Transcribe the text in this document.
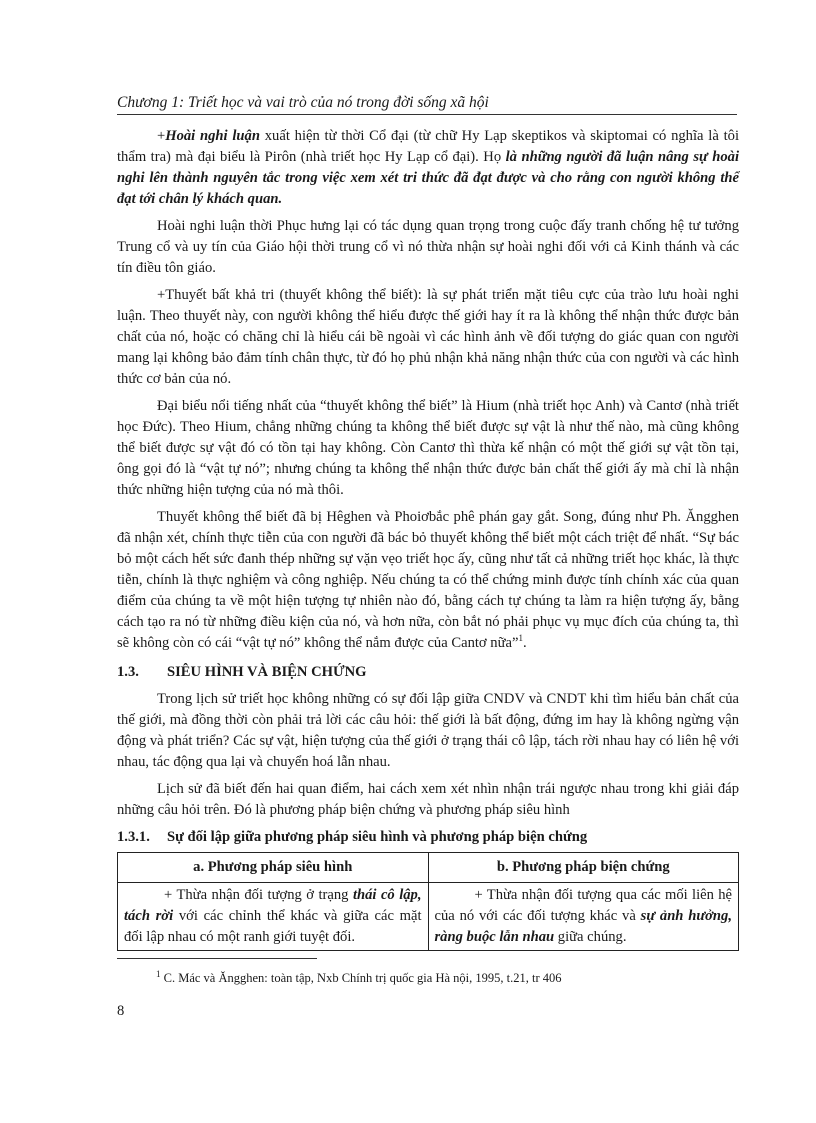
Chương 1: Triết học và vai trò của nó trong đời sống xã hội

+Hoài nghi luận xuất hiện từ thời Cổ đại (từ chữ Hy Lạp skeptikos và skiptomai có nghĩa là tôi thẩm tra) mà đại biểu là Pirôn (nhà triết học Hy Lạp cổ đại). Họ là những người đã luận nâng sự hoài nghi lên thành nguyên tắc trong việc xem xét tri thức đã đạt được và cho rằng con người không thể đạt tới chân lý khách quan.

Hoài nghi luận thời Phục hưng lại có tác dụng quan trọng trong cuộc đấy tranh chống hệ tư tưởng Trung cổ và uy tín của Giáo hội thời trung cổ vì nó thừa nhận sự hoài nghi đối với cả Kinh thánh và các tín điều tôn giáo.

+Thuyết bất khả tri (thuyết không thể biết): là sự phát triển mặt tiêu cực của trào lưu hoài nghi luận. Theo thuyết này, con người không thể hiểu được thế giới hay ít ra là không thể nhận thức được bản chất của nó, hoặc có chăng chỉ là hiểu cái bề ngoài vì các hình ảnh về đối tượng do giác quan con người mang lại không bảo đảm tính chân thực, từ đó họ phủ nhận khả năng nhận thức của con người và các hình thức cơ bản của nó.

Đại biểu nổi tiếng nhất của “thuyết không thể biết” là Hium (nhà triết học Anh) và Cantơ (nhà triết học Đức). Theo Hium, chẳng những chúng ta không thể biết được sự vật là như thế nào, mà cũng không thể biết được sự vật đó có tồn tại hay không. Còn Cantơ thì thừa kế nhận có một thế giới sự vật tồn tại, ông gọi đó là “vật tự nó”; nhưng chúng ta không thể nhận thức được bản chất thế giới ấy mà chỉ là nhận thức những hiện tượng của nó mà thôi.

Thuyết không thể biết đã bị Hêghen và Phoiơbắc phê phán gay gắt. Song, đúng như Ph. Ăngghen đã nhận xét, chính thực tiễn của con người đã bác bỏ thuyết không thể biết một cách triệt để nhất. “Sự bác bỏ một cách hết sức đanh thép những sự vặn vẹo triết học ấy, cũng như tất cả những triết học khác, là thực tiễn, chính là thực nghiệm và công nghiệp. Nếu chúng ta có thể chứng minh được tính chính xác của quan điểm của chúng ta về một hiện tượng tự nhiên nào đó, bằng cách tự chúng ta làm ra hiện tượng ấy, bằng cách tạo ra nó từ những điều kiện của nó, và hơn nữa, còn bắt nó phải phục vụ mục đích của chúng ta, thì sẽ không còn có cái “vật tự nó” không thể nắm được của Cantơ nữa”$^1$.

1.3.	SIÊU HÌNH VÀ BIỆN CHỨNG

Trong lịch sử triết học không những có sự đối lập giữa CNDV và CNDT khi tìm hiểu bản chất của thế giới, mà đồng thời còn phải trả lời các câu hỏi: thế giới là bất động, đứng im hay là không ngừng vận động và phát triển? Các sự vật, hiện tượng của thế giới ở trạng thái cô lập, tách rời nhau hay có liên hệ với nhau, tác động qua lại và chuyển hoá lẫn nhau.

Lịch sử đã biết đến hai quan điểm, hai cách xem xét nhìn nhận trái ngược nhau trong khi giải đáp những câu hỏi trên. Đó là phương pháp biện chứng và phương pháp siêu hình

1.3.1.	Sự đối lập giữa phương pháp siêu hình và phương pháp biện chứng
a. Phương pháp siêu hình	b. Phương pháp biện chứng
+ Thừa nhận đối tượng ở trạng thái cô lập, tách rời với các chỉnh thể khác và giữa các mặt đối lập nhau có một ranh giới tuyệt đối.	+ Thừa nhận đối tượng qua các mối liên hệ của nó với các đối tượng khác và sự ảnh hưởng, ràng buộc lẫn nhau giữa chúng.
$^1$ C. Mác và Ăngghen: toàn tập, Nxb Chính trị quốc gia Hà nội, 1995, t.21, tr 406
8
